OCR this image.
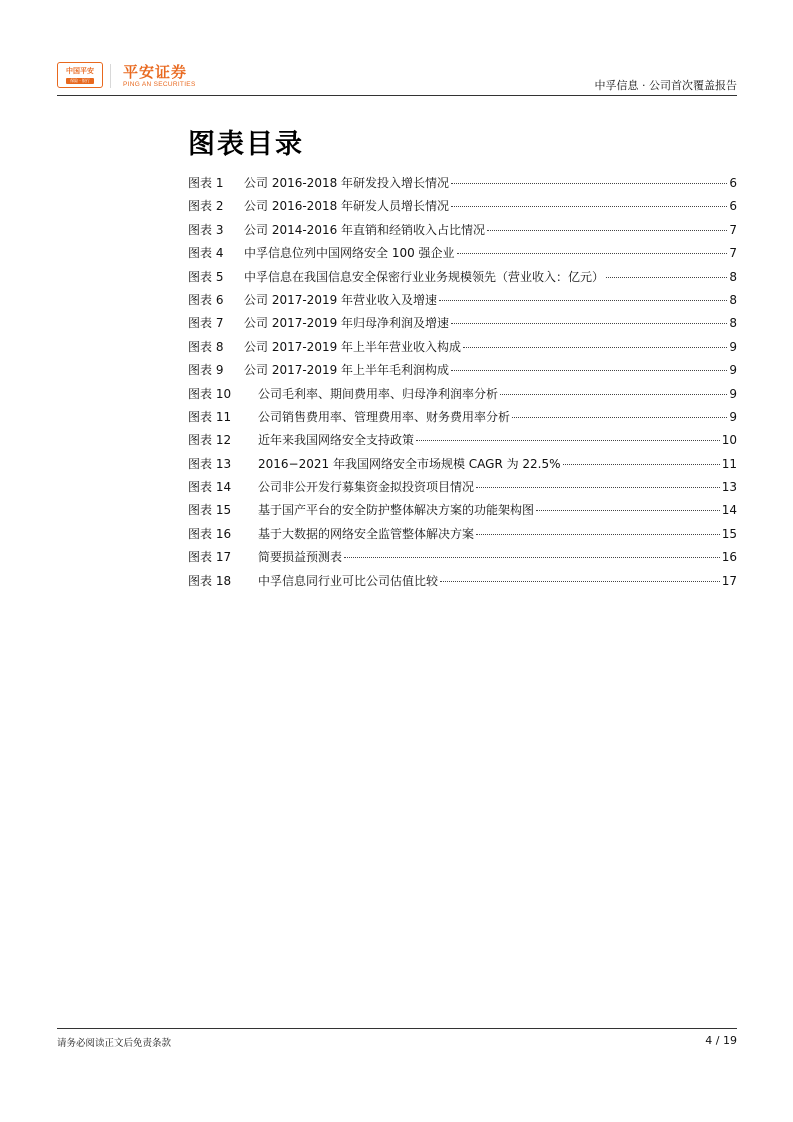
中国平安
保险 · 银行 平安证券
PING AN SECURITIES	中孚信息 · 公司首次覆盖报告
图表目录
图表 1	公司 2016-2018 年研发投入增长情况	6
图表 2	公司 2016-2018 年研发人员增长情况	6
图表 3	公司 2014-2016 年直销和经销收入占比情况	7
图表 4	中孚信息位列中国网络安全 100 强企业	7
图表 5	中孚信息在我国信息安全保密行业业务规模领先（营业收入：亿元）	8
图表 6	公司 2017-2019 年营业收入及增速	8
图表 7	公司 2017-2019 年归母净利润及增速	8
图表 8	公司 2017-2019 年上半年营业收入构成	9
图表 9	公司 2017-2019 年上半年毛利润构成	9
图表 10	公司毛利率、期间费用率、归母净利润率分析	9
图表 11	公司销售费用率、管理费用率、财务费用率分析	9
图表 12	近年来我国网络安全支持政策	10
图表 13	2016−2021 年我国网络安全市场规模 CAGR 为 22.5%	11
图表 14	公司非公开发行募集资金拟投资项目情况	13
图表 15	基于国产平台的安全防护整体解决方案的功能架构图	14
图表 16	基于大数据的网络安全监管整体解决方案	15
图表 17	简要损益预测表	16
图表 18	中孚信息同行业可比公司估值比较	17
请务必阅读正文后免责条款	4 / 19
